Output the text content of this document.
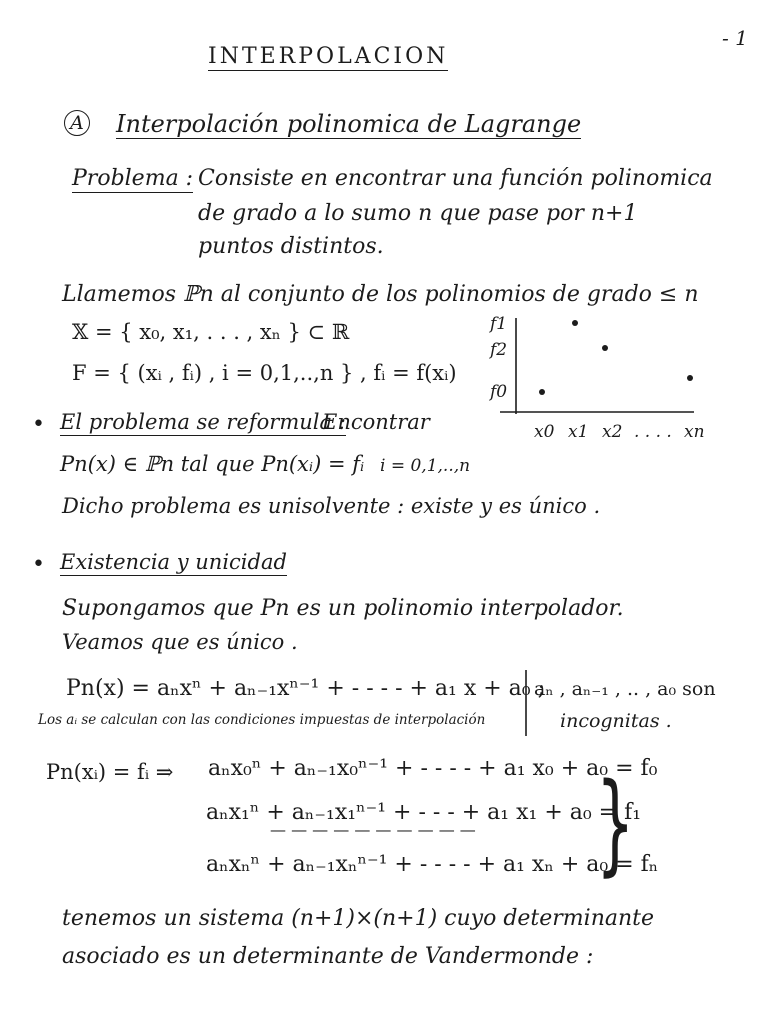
- 1
INTERPOLACION
A Interpolación polinomica de Lagrange
Problema : Consiste en encontrar una función polinomica
de grado a lo sumo n que pase por n+1
puntos distintos.
Llamemos ℙn al conjunto de los polinomios de grado ≤ n
𝕏 = { x₀, x₁, . . . , xₙ } ⊂ ℝ
F = { (xᵢ , fᵢ) , i = 0,1,..,n } , fᵢ = f(xᵢ)
f1
f2
f0
x0 x1 x2 . . . . xn
• El problema se reformula :
Encontrar
Pn(x) ∈ ℙn tal que Pn(xᵢ) = fᵢ i = 0,1,..,n
Dicho problema es unisolvente : existe y es único .
• Existencia y unicidad
Supongamos que Pn es un polinomio interpolador.
Veamos que es único .
Pn(x) = aₙxⁿ + aₙ₋₁xⁿ⁻¹ + - - - - + a₁ x + a₀ ;
Los aᵢ se calculan con las condiciones impuestas de interpolación
aₙ , aₙ₋₁ , .. , a₀ son
incognitas .
Pn(xᵢ) = fᵢ ⇒ aₙx₀ⁿ + aₙ₋₁x₀ⁿ⁻¹ + - - - - + a₁ x₀ + a₀ = f₀
aₙx₁ⁿ + aₙ₋₁x₁ⁿ⁻¹ + - - - + a₁ x₁ + a₀ = f₁
— — — — — — — — — —
aₙxₙⁿ + aₙ₋₁xₙⁿ⁻¹ + - - - - + a₁ xₙ + a₀ = fₙ
}
tenemos un sistema (n+1)×(n+1) cuyo determinante
asociado es un determinante de Vandermonde :
